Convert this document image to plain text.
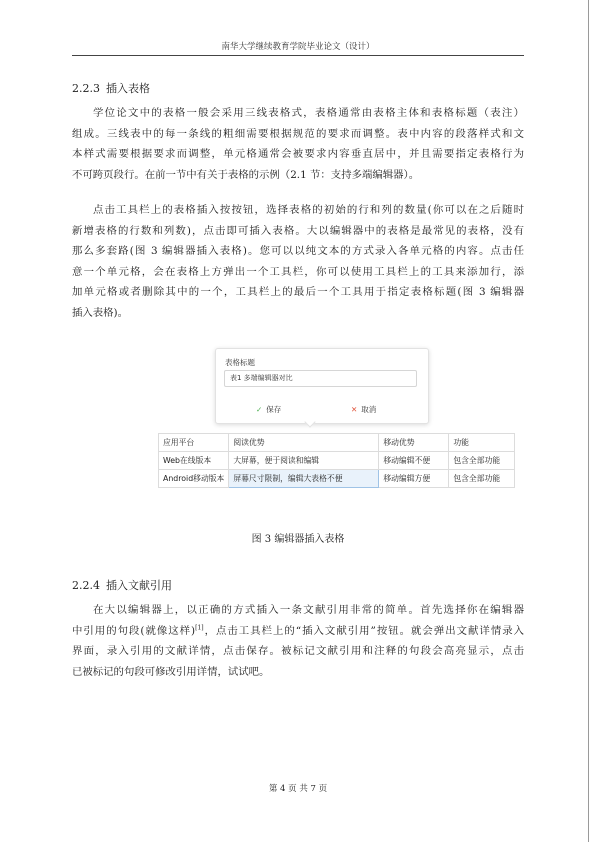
南华大学继续教育学院毕业论文（设计）
2.2.3 插入表格
学位论文中的表格一般会采用三线表格式，表格通常由表格主体和表格标题（表注）
组成。三线表中的每一条线的粗细需要根据规范的要求而调整。表中内容的段落样式和文
本样式需要根据要求而调整，单元格通常会被要求内容垂直居中，并且需要指定表格行为
不可跨页段行。在前一节中有关于表格的示例（2.1 节：支持多端编辑器）。
点击工具栏上的表格插入按按钮，选择表格的初始的行和列的数量(你可以在之后随时
新增表格的行数和列数)，点击即可插入表格。大以编辑器中的表格是最常见的表格，没有
那么多套路(图 3 编辑器插入表格)。您可以以纯文本的方式录入各单元格的内容。点击任
意一个单元格，会在表格上方弹出一个工具栏，你可以使用工具栏上的工具来添加行，添
加单元格或者删除其中的一个，工具栏上的最后一个工具用于指定表格标题(图 3 编辑器
插入表格)。
表格标题
表1 多端编辑器对比
✓ 保存	✕ 取消
应用平台	阅读优势	移动优势	功能
Web在线版本	大屏幕，便于阅读和编辑	移动编辑不便	包含全部功能
Android移动版本	屏幕尺寸限制，编辑大表格不便	移动编辑方便	包含全部功能
图 3 编辑器插入表格
2.2.4 插入文献引用
在大以编辑器上，以正确的方式插入一条文献引用非常的简单。首先选择你在编辑器
中引用的句段(就像这样)[1]，点击工具栏上的“插入文献引用”按钮。就会弹出文献详情录入
界面，录入引用的文献详情，点击保存。被标记文献引用和注释的句段会高亮显示，点击
已被标记的句段可修改引用详情，试试吧。
第 4 页 共 7 页
